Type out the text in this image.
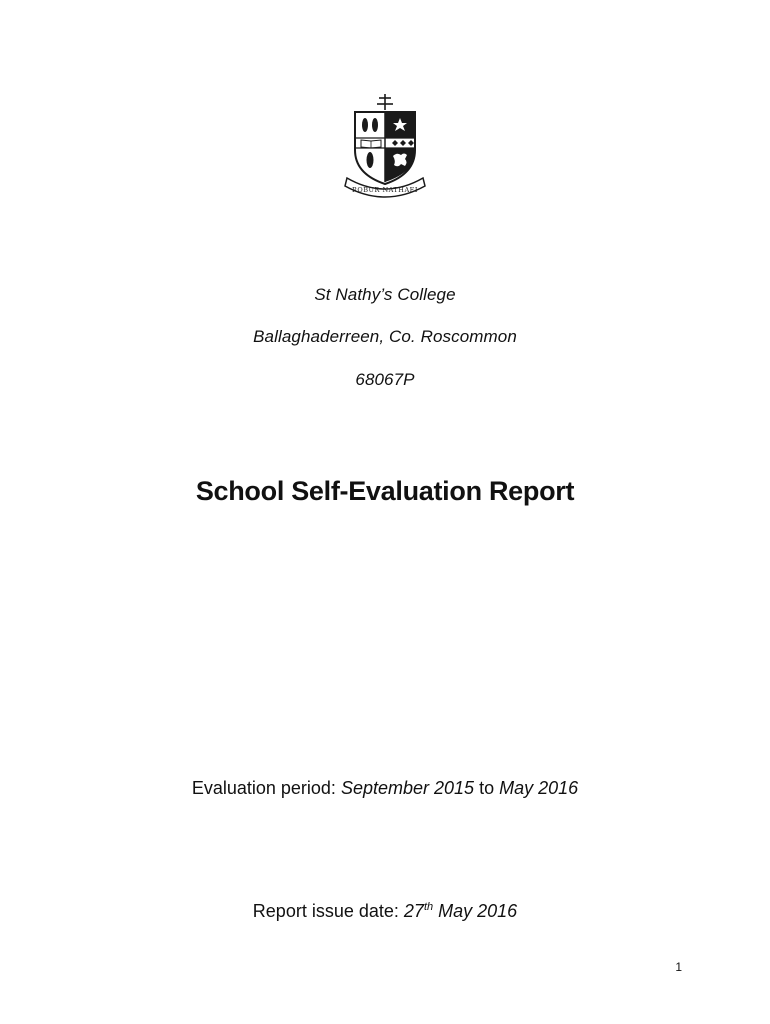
ROBUR NATHAEI
St Nathy’s College
Ballaghaderreen, Co. Roscommon
68067P
School Self-Evaluation Report
Evaluation period: September 2015 to May 2016
Report issue date: 27th May 2016
1
